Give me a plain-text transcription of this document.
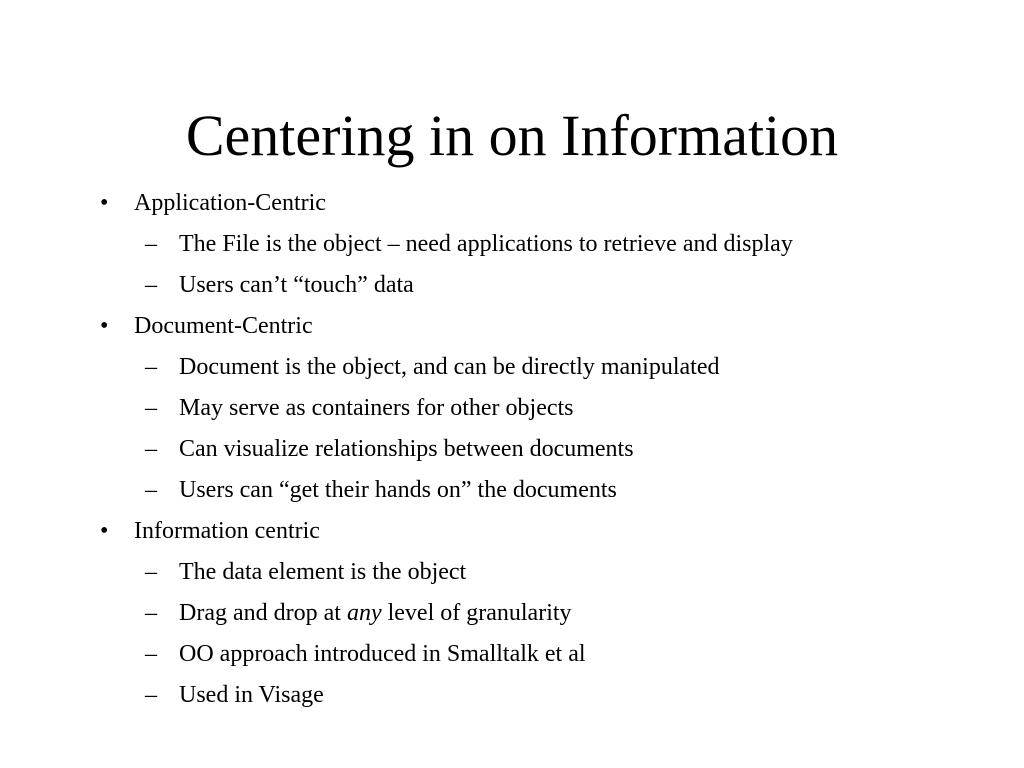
Centering in on Information
•	Application-Centric
– The File is the object – need applications to retrieve and display
– Users can’t “touch” data
•	Document-Centric
– Document is the object, and can be directly manipulated
– May serve as containers for other objects
– Can visualize relationships between documents
– Users can “get their hands on” the documents
•	Information centric
– The data element is the object
– Drag and drop at any level of granularity
– OO approach introduced in Smalltalk et al
– Used in Visage
